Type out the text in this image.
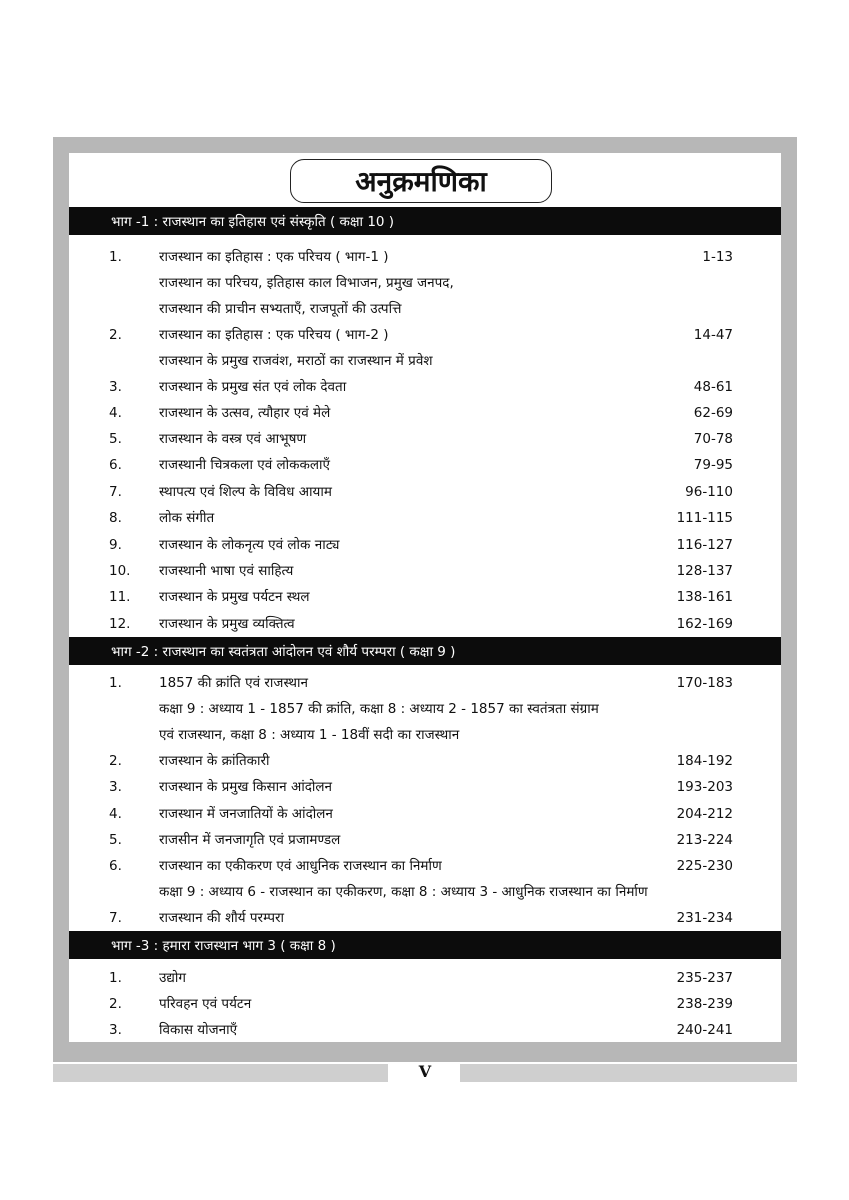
अनुक्रमणिका
भाग -1 : राजस्थान का इतिहास एवं संस्कृति ( कक्षा 10 )
1.	राजस्थान का इतिहास : एक परिचय ( भाग-1 )	1-13
राजस्थान का परिचय, इतिहास काल विभाजन, प्रमुख जनपद,
राजस्थान की प्राचीन सभ्यताएँ, राजपूतों की उत्पत्ति
2.	राजस्थान का इतिहास : एक परिचय ( भाग-2 )	14-47
राजस्थान के प्रमुख राजवंश, मराठों का राजस्थान में प्रवेश
3.	राजस्थान के प्रमुख संत एवं लोक देवता	48-61
4.	राजस्थान के उत्सव, त्यौहार एवं मेले	62-69
5.	राजस्थान के वस्त्र एवं आभूषण	70-78
6.	राजस्थानी चित्रकला एवं लोककलाएँ	79-95
7.	स्थापत्य एवं शिल्प के विविध आयाम	96-110
8.	लोक संगीत	111-115
9.	राजस्थान के लोकनृत्य एवं लोक नाट्य	116-127
10. राजस्थानी भाषा एवं साहित्य	128-137
11. राजस्थान के प्रमुख पर्यटन स्थल	138-161
12. राजस्थान के प्रमुख व्यक्तित्व	162-169
भाग -2 : राजस्थान का स्वतंत्रता आंदोलन एवं शौर्य परम्परा ( कक्षा 9 )
1.	1857 की क्रांति एवं राजस्थान	170-183
कक्षा 9 : अध्याय 1 - 1857 की क्रांति, कक्षा 8 : अध्याय 2 - 1857 का स्वतंत्रता संग्राम
एवं राजस्थान, कक्षा 8 : अध्याय 1 - 18वीं सदी का राजस्थान
2.	राजस्थान के क्रांतिकारी	184-192
3.	राजस्थान के प्रमुख किसान आंदोलन	193-203
4.	राजस्थान में जनजातियों के आंदोलन	204-212
5.	राजसीन में जनजागृति एवं प्रजामण्डल	213-224
6.	राजस्थान का एकीकरण एवं आधुनिक राजस्थान का निर्माण	225-230
कक्षा 9 : अध्याय 6 - राजस्थान का एकीकरण, कक्षा 8 : अध्याय 3 - आधुनिक राजस्थान का निर्माण
7.	राजस्थान की शौर्य परम्परा	231-234
भाग -3 : हमारा राजस्थान भाग 3 ( कक्षा 8 )
1.	उद्योग	235-237
2.	परिवहन एवं पर्यटन	238-239
3.	विकास योजनाएँ	240-241
V
